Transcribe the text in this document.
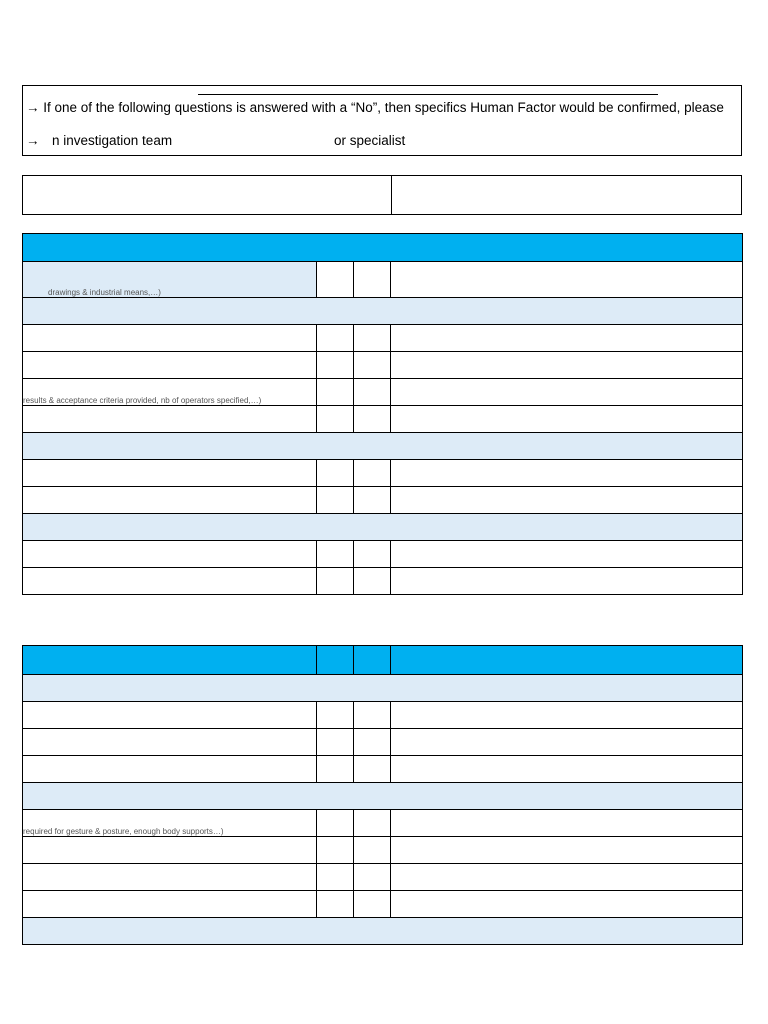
→ If one of the following questions is answered with a “No”, then specifics Human Factor would be confirmed, please
→ n investigation team	or specialist

drawings & industrial means,…)			

results & acceptance criteria provided, nb of operators specified,…)			

required for gesture & posture, enough body supports…)			
